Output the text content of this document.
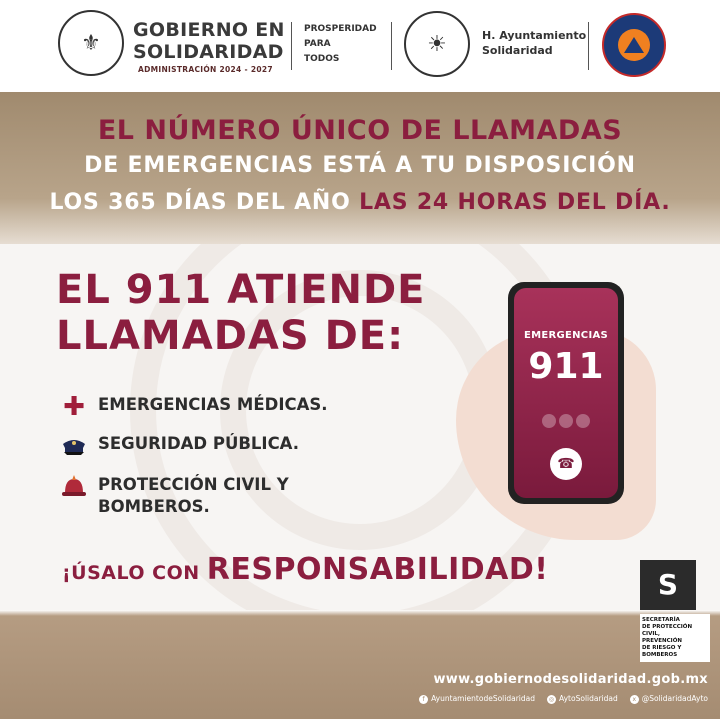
⚜
GOBIERNO EN
SOLIDARIDAD
ADMINISTRACIÓN 2024 - 2027
PROSPERIDAD
PARA
TODOS
☀	H. Ayuntamiento
Solidaridad
EL NÚMERO ÚNICO DE LLAMADAS
DE EMERGENCIAS ESTÁ A TU DISPOSICIÓN
LOS 365 DÍAS DEL AÑO LAS 24 HORAS DEL DÍA.
EL 911 ATIENDE
LLAMADAS DE:
✚ EMERGENCIAS MÉDICAS.
SEGURIDAD PÚBLICA.
PROTECCIÓN CIVIL Y
BOMBEROS.
¡ÚSALO CON RESPONSABILIDAD!
EMERGENCIAS
911
☎
S
SECRETARÍA
DE PROTECCIÓN
CIVIL,
PREVENCIÓN
DE RIESGO Y
BOMBEROS
www.gobiernodesolidaridad.gob.mx
f AyuntamientodeSolidaridad	◎ AytoSolidaridad	x @SolidaridadAyto
